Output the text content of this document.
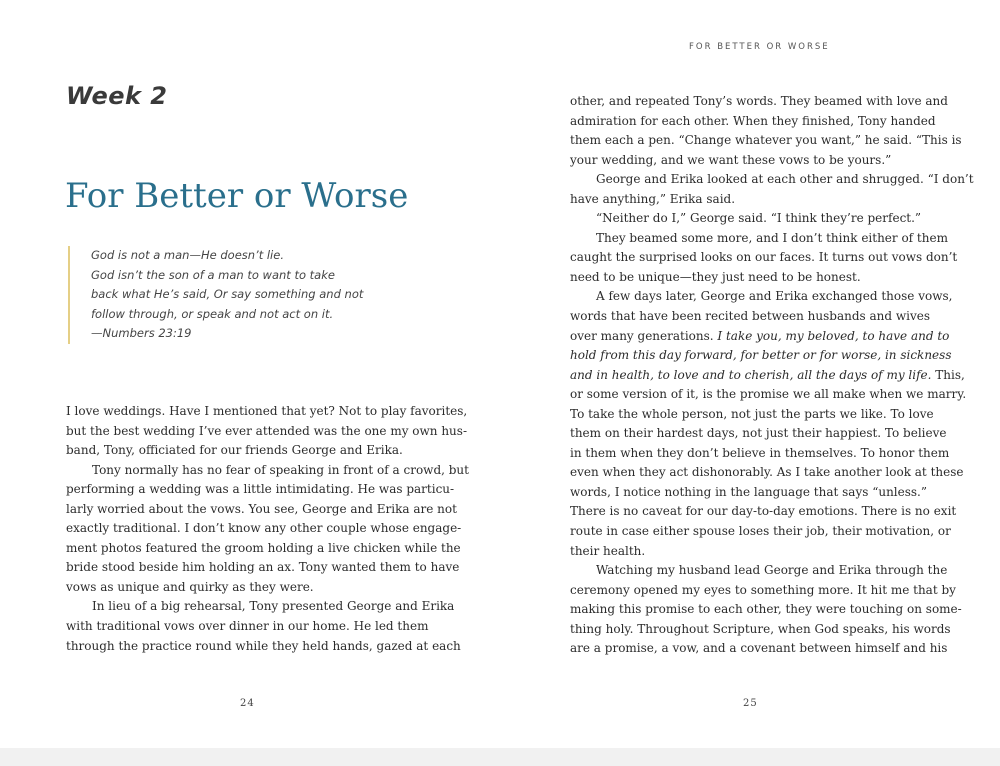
Week 2
For Better or Worse
God is not a man—He doesn’t lie.
God isn’t the son of a man to want to take
back what He’s said, Or say something and not
follow through, or speak and not act on it.
—Numbers 23:19
I love weddings. Have I mentioned that yet? Not to play favorites,
but the best wedding I’ve ever attended was the one my own hus-
band, Tony, officiated for our friends George and Erika.
Tony normally has no fear of speaking in front of a crowd, but
performing a wedding was a little intimidating. He was particu-
larly worried about the vows. You see, George and Erika are not
exactly traditional. I don’t know any other couple whose engage-
ment photos featured the groom holding a live chicken while the
bride stood beside him holding an ax. Tony wanted them to have
vows as unique and quirky as they were.
In lieu of a big rehearsal, Tony presented George and Erika
with traditional vows over dinner in our home. He led them
through the practice round while they held hands, gazed at each
24
FOR BETTER OR WORSE
other, and repeated Tony’s words. They beamed with love and
admiration for each other. When they finished, Tony handed
them each a pen. “Change whatever you want,” he said. “This is
your wedding, and we want these vows to be yours.”
George and Erika looked at each other and shrugged. “I don’t
have anything,” Erika said.
“Neither do I,” George said. “I think they’re perfect.”
They beamed some more, and I don’t think either of them
caught the surprised looks on our faces. It turns out vows don’t
need to be unique—they just need to be honest.
A few days later, George and Erika exchanged those vows,
words that have been recited between husbands and wives
over many generations. I take you, my beloved, to have and to
hold from this day forward, for better or for worse, in sickness
and in health, to love and to cherish, all the days of my life. This,
or some version of it, is the promise we all make when we marry.
To take the whole person, not just the parts we like. To love
them on their hardest days, not just their happiest. To believe
in them when they don’t believe in themselves. To honor them
even when they act dishonorably. As I take another look at these
words, I notice nothing in the language that says “unless.”
There is no caveat for our day-to-day emotions. There is no exit
route in case either spouse loses their job, their motivation, or
their health.
Watching my husband lead George and Erika through the
ceremony opened my eyes to something more. It hit me that by
making this promise to each other, they were touching on some-
thing holy. Throughout Scripture, when God speaks, his words
are a promise, a vow, and a covenant between himself and his
25
